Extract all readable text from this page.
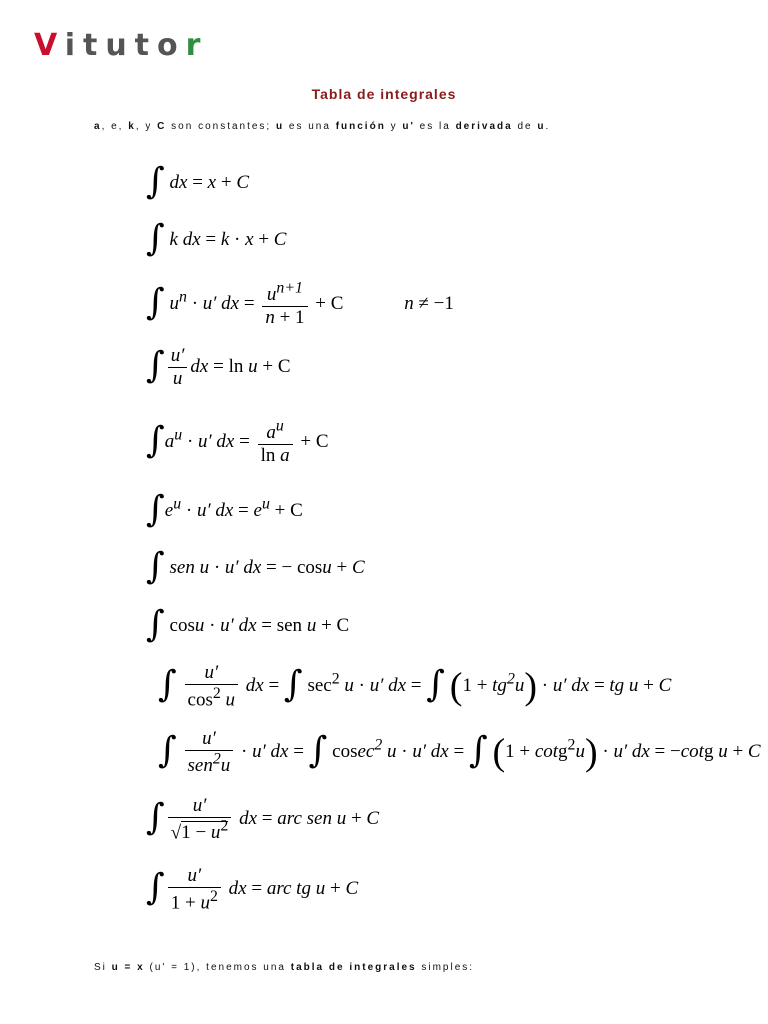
Vitutor
Tabla de integrales
a, e, k, y C son constantes; u es una función y u' es la derivada de u.
∫ dx = x + C
∫ k dx = k · x + C
∫ $u^n \cdot u'$ dx = $\frac{u^{n+1}}{n + 1} + C$	n ≠ −1
∫ $\frac{u'}{u}$ dx = ln u + C
$\int a^u \cdot u'$ dx = $\frac{a^u}{\text{ln a}} + C$
$\int e^u \cdot u'$ dx = $e^u + C$
∫ sen u · u′ dx = − cosu + C
∫ cosu · u′ dx = sen u + C
∫ $\frac{u'}{\cos^2 u}$ dx = ∫ $\sec^2 u \cdot u'$ dx = ∫ $(1 + tg^2u) \cdot u'$ dx = tg u + C
∫ $\frac{u'}{sen^2u} \cdot u'$ dx = ∫ cosec$^2$ u · u′ dx = ∫ (1 + cotg$^2$u) · u′ dx = −cotg u + C
∫ $\frac{u'}{√1 - u^2}$ dx = arc sen u + C
∫ $\frac{u'}{1 + u^2}$ dx = arc tg u + C
Si u = x (u' = 1), tenemos una tabla de integrales simples:
